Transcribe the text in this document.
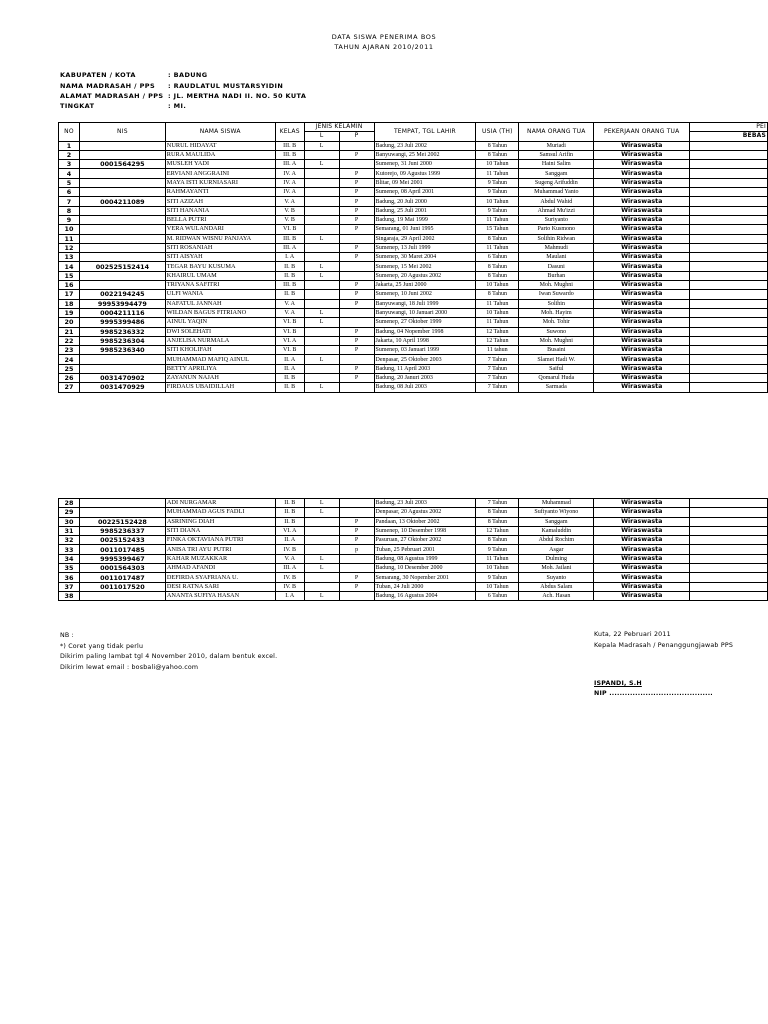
DATA SISWA PENERIMA BOS
TAHUN AJARAN 2010/2011
KABUPATEN / KOTA	: BADUNG
NAMA MADRASAH / PPS : RAUDLATUL MUSTARSYIDIN
ALAMAT MADRASAH / PPS : JL. MERTHA NADI II. NO. 50 KUTA
TINGKAT	: MI.
NO	NIS	NAMA SISWA	KELAS	JENIS KELAMIN		TEMPAT, TGL LAHIR	USIA (TH)	NAMA ORANG TUA	PEKERJAAN ORANG TUA	PEI
				L	P					BEBAS
1		NURUL HIDAYAT	III. B	L		Badung, 23 Juli 2002	8 Tahun	Muriadi	Wiraswasta	
2		RURA MAULIDA	III. B		P	Banyuwangi, 25 Mei 2002	8 Tahun	Samsul Arifin	Wiraswasta	
3	0001564295	MUSLEH YADI	III. A	L		Sumenep, 31 Juni 2000	10 Tahun	Haini Salim	Wiraswasta	
4		ERVIANI ANGGRAINI	IV. A		P	Kutorejo, 09 Agustus 1999	11 Tahun	Sanggam	Wiraswasta	
5		MAYA ISTI KURNIASARI	IV. A		P	Blitar, 09 Mei 2001	9 Tahun	Sugeng Arifuddin	Wiraswasta	
6		RAHMAYANTI	IV. A		P	Sumenep, 08 April 2001	9 Tahun	Muhammad Yanto	Wiraswasta	
7	0004211089	SITI AZIZAH	V. A		P	Badung, 20 Juli 2000	10 Tahun	Abdul Wahid	Wiraswasta	
8		SITI HANANIA	V. B		P	Badung, 25 Juli 2001	9 Tahun	Ahmad Mu'izzi	Wiraswasta	
9		BELLA PUTRI	V. B		P	Badung, 19 Mai 1999	11 Tahun	Suriyanto	Wiraswasta	
10		VERA WULANDARI	VI. B		P	Semarang, 01 Juni 1995	15 Tahun	Parto Kusmono	Wiraswasta	
11		M. RIDWAN WISNU PANJAYA	III. B	L		Singaraja, 29 April 2002	8 Tahun	Solihin Ridwan	Wiraswasta	
12		SITI ROSANIAH	III. A		P	Sumenep, 13 Juli 1999	11 Tahun	Mahmudi	Wiraswasta	
13		SITI AISYAH	I. A		P	Sumenep, 30 Maret 2004	6 Tahun	Maulani	Wiraswasta	
14	002525152414	TEGAR BAYU KUSUMA	II. B	L		Sumenep, 15 Mei 2002	8 Tahun	Dasuni	Wiraswasta	
15		KHAIRUL UMAM	II. B	L		Sumenep, 20 Agustus 2002	8 Tahun	Burhan	Wiraswasta	
16		TRIYANA SAFITRI	III. B		P	Jakarta, 25 Juni 2000	10 Tahun	Moh. Mughni	Wiraswasta	
17	0022194245	ULFI WANIA	II. B		P	Sumenep, 10 Juni 2002	8 Tahun	Iwan Suwardo	Wiraswasta	
18	99953994479	NAFATUL JANNAH	V. A		P	Banyuwangi, 18 Juli 1999	11 Tahun	Solihin	Wiraswasta	
19	0004211116	WILDAN BAGUS FITRIANO	V. A	L		Banyuwangi, 10 Januari 2000	10 Tahun	Moh. Hayim	Wiraswasta	
20	9995399486	AINUL YAQIN	VI. B	L		Sumenep, 27 Oktober 1999	11 Tahun	Moh. Tohir	Wiraswasta	
21	9985236332	DWI SOLEHATI	VI. B		P	Badung, 04 Nopember 1998	12 Tahun	Suwono	Wiraswasta	
22	9985236304	ANJELISA NURMALA	VI. A		P	Jakarta, 10 April 1998	12 Tahun	Moh. Mughni	Wiraswasta	
23	9985236340	SITI KHOLIFAH	VI. B		P	Sumenep, 03 Januari 1999	11 tahun	Busaini	Wiraswasta	
24		MUHAMMAD MAFIQ AINUL	II. A	L		Denpasar, 25 Oktober 2003	7 Tahun	Slamet Hadi W.	Wiraswasta	
25		BETTY APRILIYA	II. A		P	Badung, 11 April 2003	7 Tahun	Saiful	Wiraswasta	
26	0031470902	ZAYANUN NAJAH	II. B		P	Badung, 20 Januri 2003	7 Tahun	Qomarul Huda	Wiraswasta	
27	0031470929	FIRDAUS UBAIDILLAH	II. B	L		Badung, 08 Juli 2003	7 Tahun	Sarmada	Wiraswasta	
28		ADI NURGAMAR	II. B	L		Badung, 23 Juli 2003	7 Tahun	Muhammad	Wiraswasta	
29		MUHAMMAD AGUS FADLI	II. B	L		Denpasar, 20 Agustus 2002	8 Tahun	Sufiyanto Wiyono	Wiraswasta	
30	00225152428	ASRINING DIAH	II. B		P	Pandaan, 13 Oktober 2002	8 Tahun	Sanggam	Wiraswasta	
31	9985236337	SITI DIANA	VI. A		P	Sumenep, 10 Desember 1998	12 Tahun	Kamaluddin	Wiraswasta	
32	0025152433	FINKA OKTAVIANA PUTRI	II. A		P	Pasuruan, 27 Oktober 2002	8 Tahun	Abdul Rochim	Wiraswasta	
33	0011017485	ANISA TRI AYU PUTRI	IV. B		p	Tuban, 25 Pebruari 2001	9 Tahun	Asgar	Wiraswasta	
34	9995399467	KAHAR MUZAKKAR	V. A	L		Badung, 08 Agustus 1999	11 Tahun	Dulming	Wiraswasta	
35	0001564303	AHMAD AFANDI	III. A	L		Badung, 10 Desember 2000	10 Tahun	Moh. Jailani	Wiraswasta	
36	0011017487	DEFIRDA SYAFRIANA U.	IV. B		P	Semarang, 30 Nopember 2001	9 Tahun	Suyanto	Wiraswasta	
37	0011017520	DESI RATNA SARI	IV. B		P	Tuban, 24 Juli 2000	10 Tahun	Abdus Salam	Wiraswasta	
38		ANANTA SUFIYA HASAN	I. A	L		Badung, 16 Agustus 2004	6 Tahun	Ach. Hasan	Wiraswasta	
NB :
*) Coret yang tidak perlu
Dikirim paling lambat tgl 4 November 2010, dalam bentuk excel.
Dikirim lewat email : bosbali@yahoo.com
Kuta, 22 Pebruari 2011
Kepala Madrasah / Penanggungjawab PPS
ISPANDI, S.H
NIP ........................................
